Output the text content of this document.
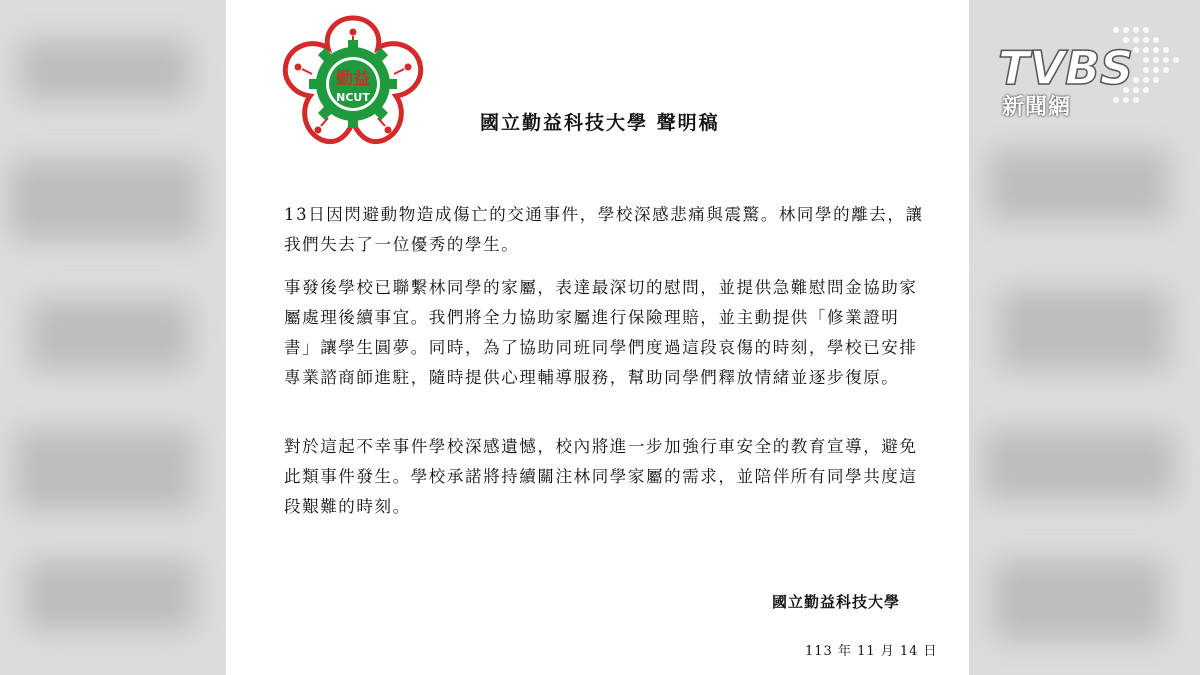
勤益
NCUT
國立勤益科技大學 聲明稿

13日因閃避動物造成傷亡的交通事件，學校深感悲痛與震驚。林同學的離去，讓我們失去了一位優秀的學生。

事發後學校已聯繫林同學的家屬，表達最深切的慰問，並提供急難慰問金協助家屬處理後續事宜。我們將全力協助家屬進行保險理賠，並主動提供「修業證明書」讓學生圓夢。同時，為了協助同班同學們度過這段哀傷的時刻，學校已安排專業諮商師進駐，隨時提供心理輔導服務，幫助同學們釋放情緒並逐步復原。

對於這起不幸事件學校深感遺憾，校內將進一步加強行車安全的教育宣導，避免此類事件發生。學校承諾將持續關注林同學家屬的需求，並陪伴所有同學共度這段艱難的時刻。

國立勤益科技大學
113 年 11 月 14 日
TVBS
新聞網
